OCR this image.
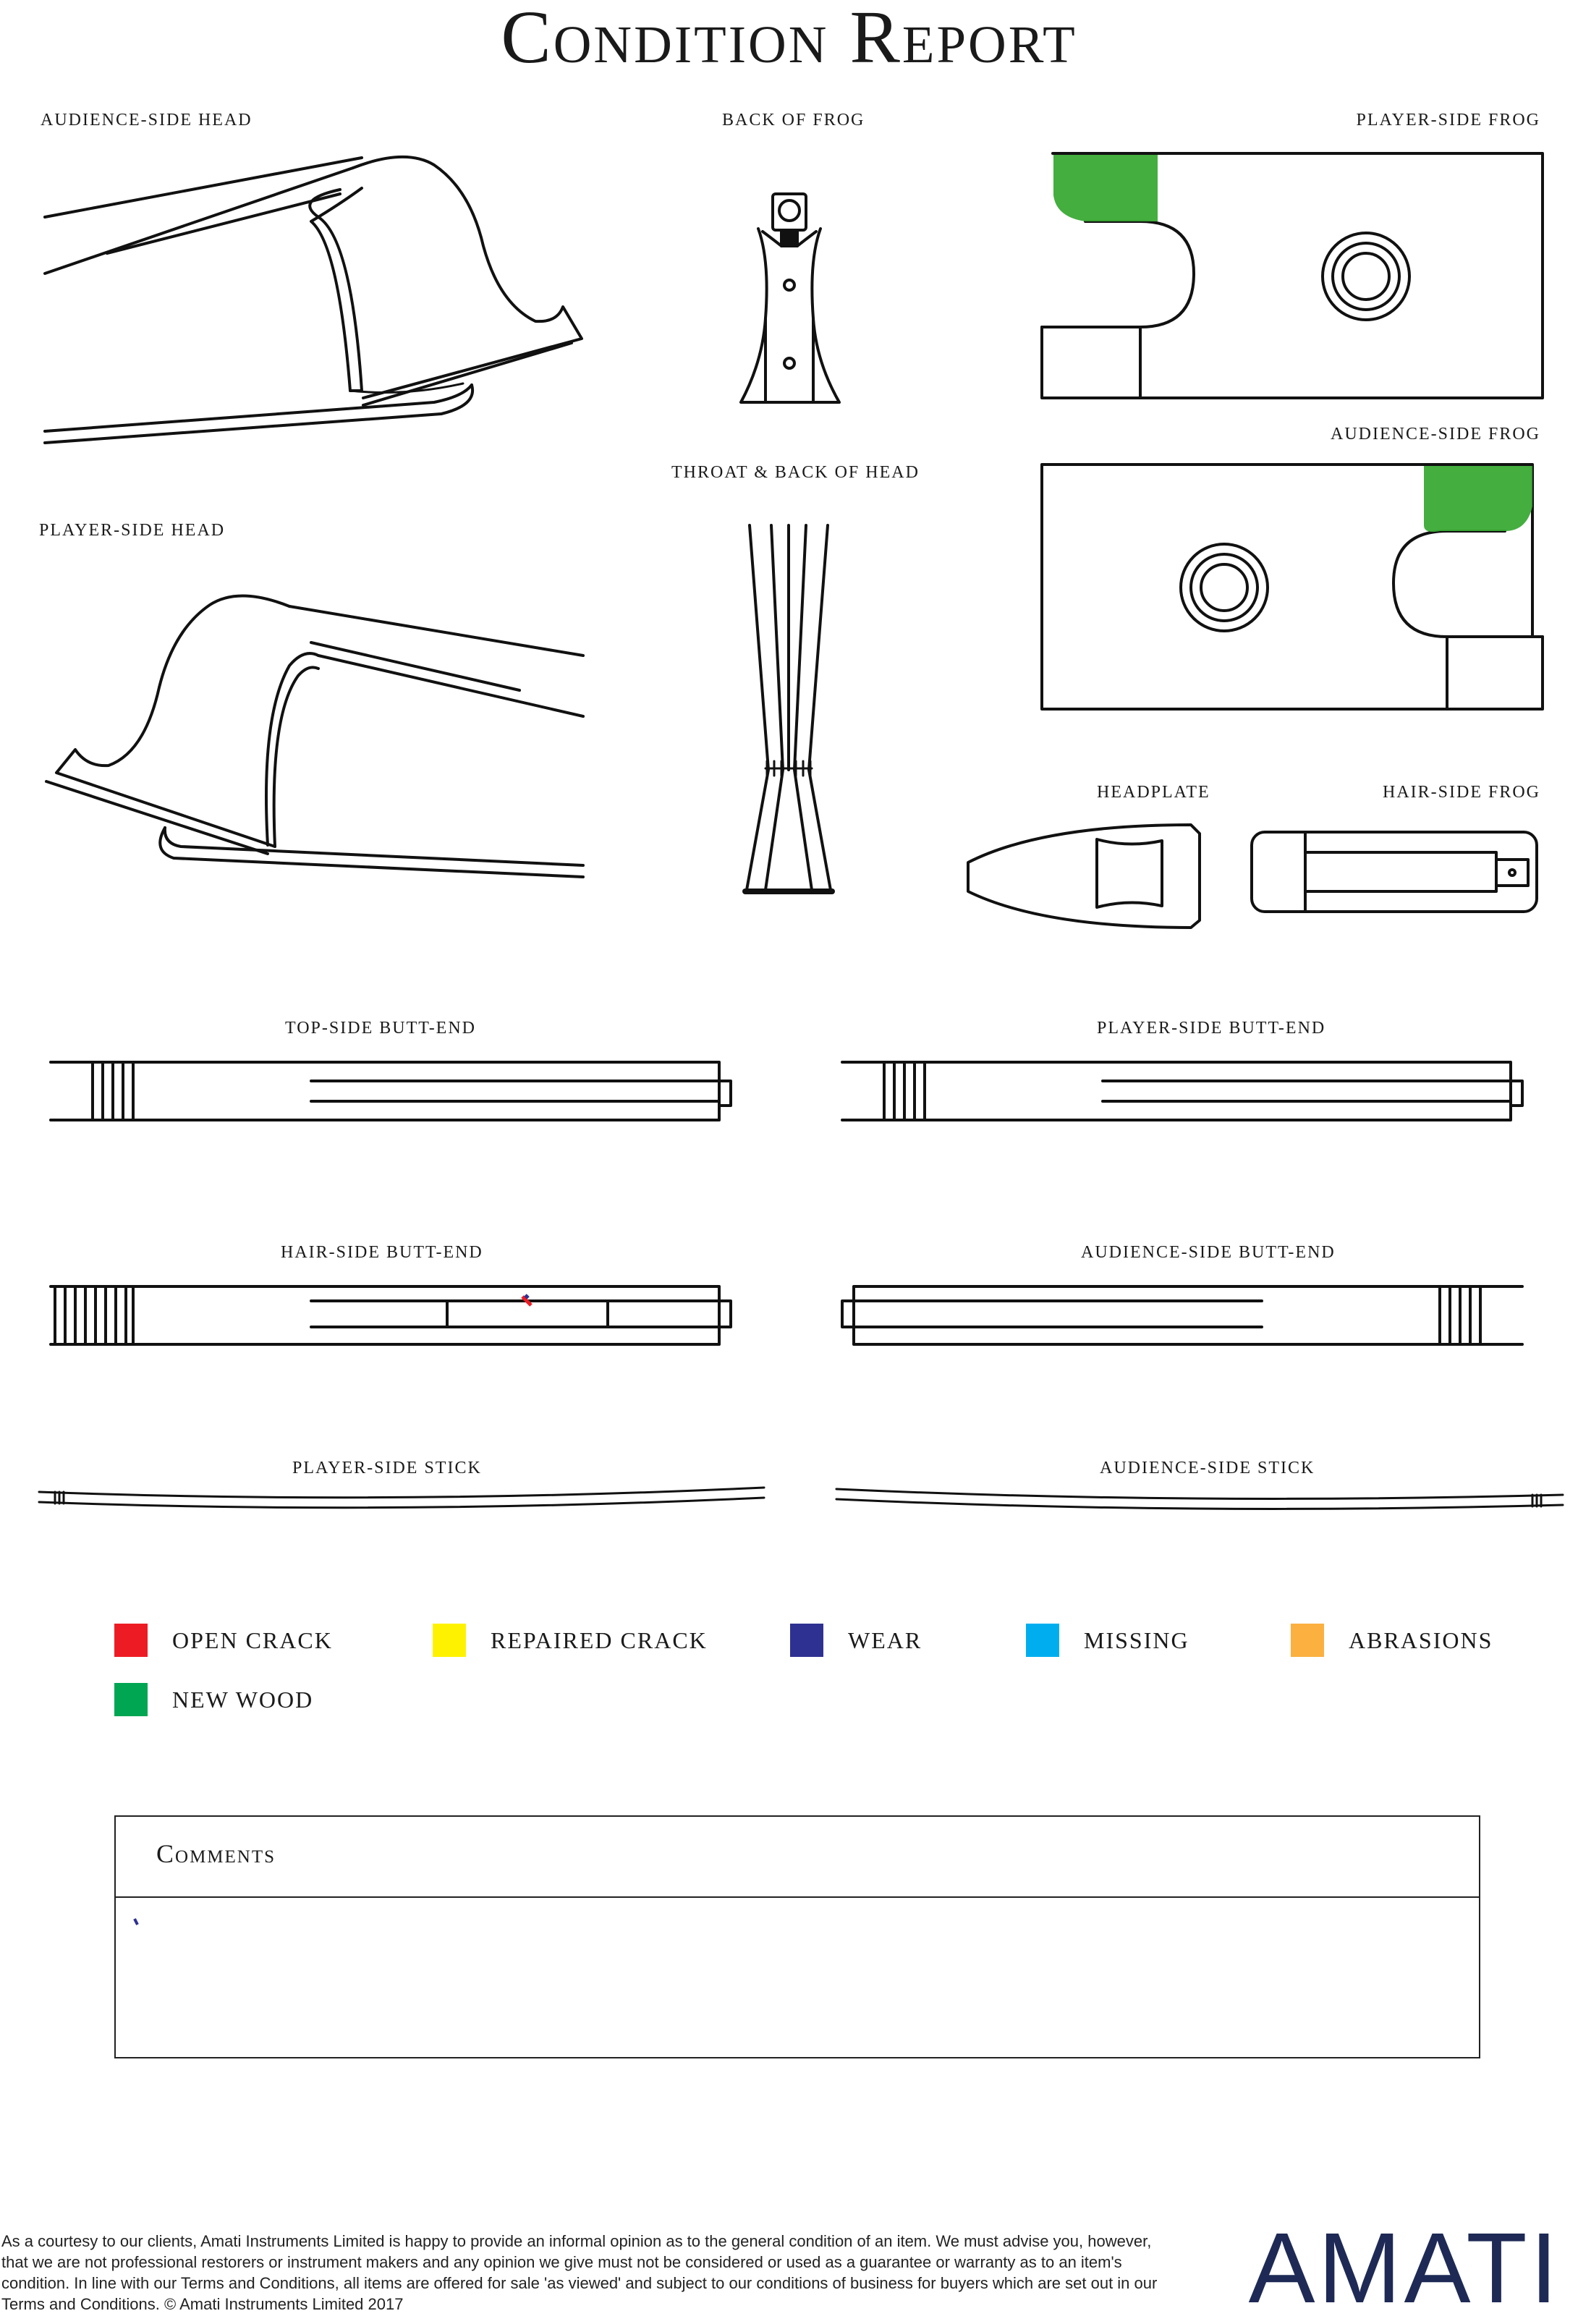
Condition Report
AUDIENCE-SIDE HEAD	BACK OF FROG	PLAYER-SIDE FROG
AUDIENCE-SIDE FROG
THROAT & BACK OF HEAD
PLAYER-SIDE HEAD
HEADPLATE	HAIR-SIDE FROG
TOP-SIDE BUTT-END	PLAYER-SIDE BUTT-END
HAIR-SIDE BUTT-END	AUDIENCE-SIDE BUTT-END
PLAYER-SIDE STICK	AUDIENCE-SIDE STICK
OPEN CRACK	REPAIRED CRACK	WEAR	MISSING	ABRASIONS
NEW WOOD
Comments
As a courtesy to our clients, Amati Instruments Limited is happy to provide an informal opinion as to the general condition of an item. We must advise you, however, that we are not professional restorers or instrument makers and any opinion we give must not be considered or used as a guarantee or warranty as to an item's condition. In line with our Terms and Conditions, all items are offered for sale 'as viewed' and subject to our conditions of business for buyers which are set out in our Terms and Conditions. © Amati Instruments Limited 2017	AMATI
